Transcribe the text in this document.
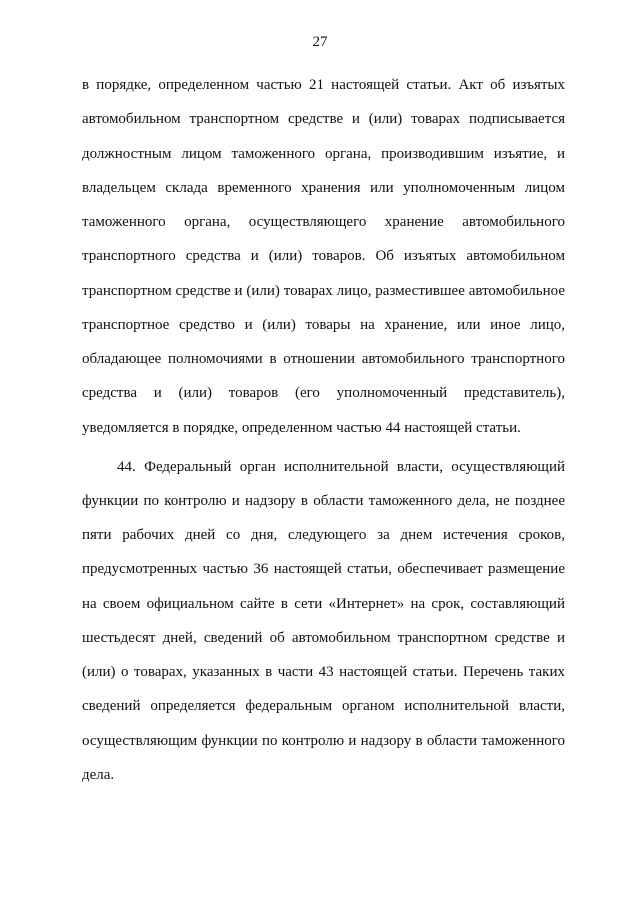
27
в порядке, определенном частью 21 настоящей статьи. Акт об изъятых
автомобильном транспортном средстве и (или) товарах подписывается
должностным лицом таможенного органа, производившим изъятие, и
владельцем склада временного хранения или уполномоченным лицом
таможенного органа, осуществляющего хранение автомобильного
транспортного средства и (или) товаров. Об изъятых автомобильном
транспортном средстве и (или) товарах лицо, разместившее автомобильное
транспортное средство и (или) товары на хранение, или иное лицо,
обладающее полномочиями в отношении автомобильного транспортного
средства и (или) товаров (его уполномоченный представитель),
уведомляется в порядке, определенном частью 44 настоящей статьи.
44. Федеральный орган исполнительной власти, осуществляющий
функции по контролю и надзору в области таможенного дела, не позднее
пяти рабочих дней со дня, следующего за днем истечения сроков,
предусмотренных частью 36 настоящей статьи, обеспечивает размещение
на своем официальном сайте в сети «Интернет» на срок, составляющий
шестьдесят дней, сведений об автомобильном транспортном средстве и
(или) о товарах, указанных в части 43 настоящей статьи. Перечень таких
сведений определяется федеральным органом исполнительной власти,
осуществляющим функции по контролю и надзору в области таможенного
дела.
